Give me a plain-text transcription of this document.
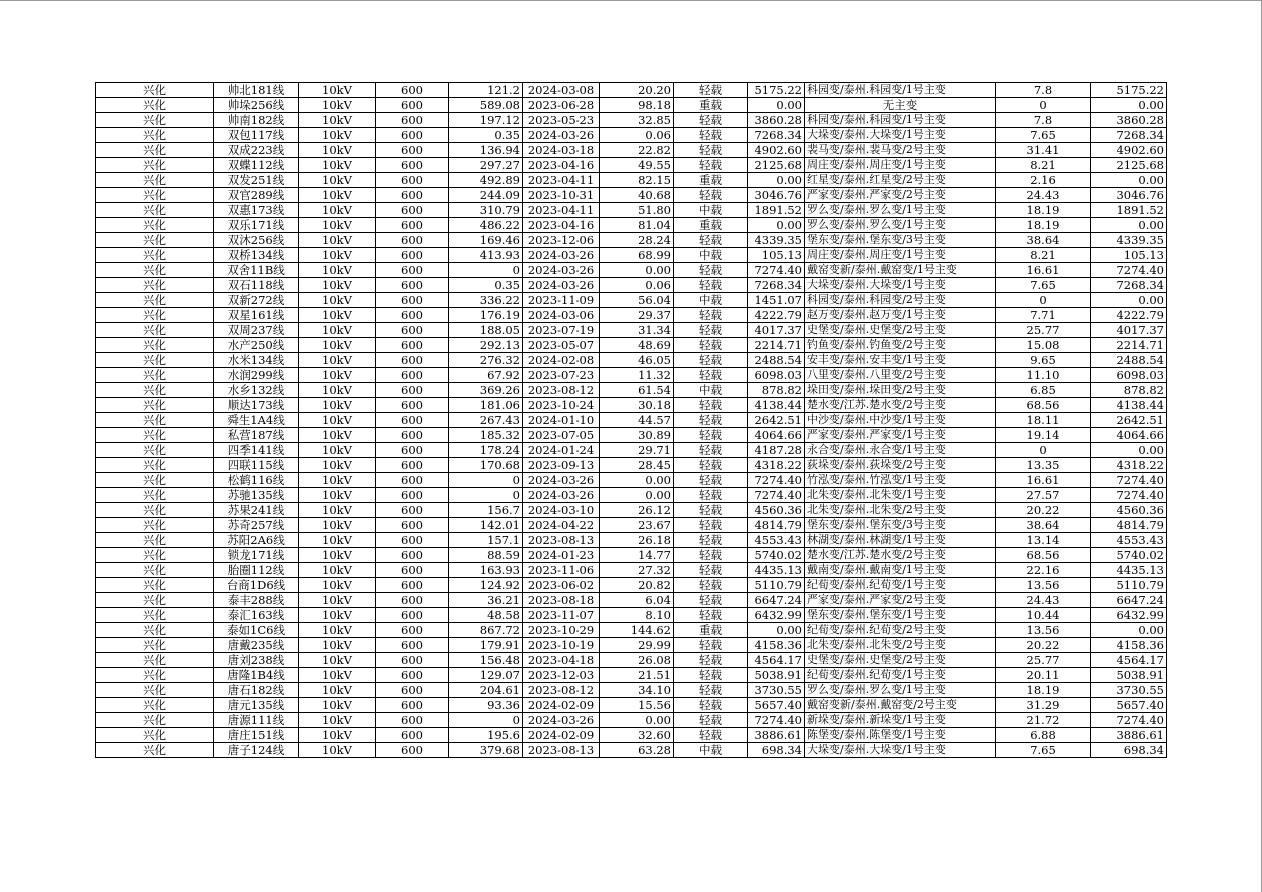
兴化	帅北181线	10kV	600	121.2	2024-03-08	20.20	轻载	5175.22	科园变/泰州.科园变/1号主变	7.8	5175.22
兴化	帅垛256线	10kV	600	589.08	2023-06-28	98.18	重载	0.00	无主变	0	0.00
兴化	帅南182线	10kV	600	197.12	2023-05-23	32.85	轻载	3860.28	科园变/泰州.科园变/1号主变	7.8	3860.28
兴化	双包117线	10kV	600	0.35	2024-03-26	0.06	轻载	7268.34	大垛变/泰州.大垛变/1号主变	7.65	7268.34
兴化	双成223线	10kV	600	136.94	2024-03-18	22.82	轻载	4902.60	裴马变/泰州.裴马变/2号主变	31.41	4902.60
兴化	双蝶112线	10kV	600	297.27	2023-04-16	49.55	轻载	2125.68	周庄变/泰州.周庄变/1号主变	8.21	2125.68
兴化	双发251线	10kV	600	492.89	2023-04-11	82.15	重载	0.00	红星变/泰州.红星变/2号主变	2.16	0.00
兴化	双官289线	10kV	600	244.09	2023-10-31	40.68	轻载	3046.76	严家变/泰州.严家变/2号主变	24.43	3046.76
兴化	双惠173线	10kV	600	310.79	2023-04-11	51.80	中载	1891.52	罗么变/泰州.罗么变/1号主变	18.19	1891.52
兴化	双乐171线	10kV	600	486.22	2023-04-16	81.04	重载	0.00	罗么变/泰州.罗么变/1号主变	18.19	0.00
兴化	双沐256线	10kV	600	169.46	2023-12-06	28.24	轻载	4339.35	堡东变/泰州.堡东变/3号主变	38.64	4339.35
兴化	双桥134线	10kV	600	413.93	2024-03-26	68.99	中载	105.13	周庄变/泰州.周庄变/1号主变	8.21	105.13
兴化	双舍11B线	10kV	600	0	2024-03-26	0.00	轻载	7274.40	戴窑变新/泰州.戴窑变/1号主变	16.61	7274.40
兴化	双石118线	10kV	600	0.35	2024-03-26	0.06	轻载	7268.34	大垛变/泰州.大垛变/1号主变	7.65	7268.34
兴化	双新272线	10kV	600	336.22	2023-11-09	56.04	中载	1451.07	科园变/泰州.科园变/2号主变	0	0.00
兴化	双星161线	10kV	600	176.19	2024-03-06	29.37	轻载	4222.79	赵万变/泰州.赵万变/1号主变	7.71	4222.79
兴化	双周237线	10kV	600	188.05	2023-07-19	31.34	轻载	4017.37	史堡变/泰州.史堡变/2号主变	25.77	4017.37
兴化	水产250线	10kV	600	292.13	2023-05-07	48.69	轻载	2214.71	钓鱼变/泰州.钓鱼变/2号主变	15.08	2214.71
兴化	水米134线	10kV	600	276.32	2024-02-08	46.05	轻载	2488.54	安丰变/泰州.安丰变/1号主变	9.65	2488.54
兴化	水润299线	10kV	600	67.92	2023-07-23	11.32	轻载	6098.03	八里变/泰州.八里变/2号主变	11.10	6098.03
兴化	水乡132线	10kV	600	369.26	2023-08-12	61.54	中载	878.82	垛田变/泰州.垛田变/2号主变	6.85	878.82
兴化	顺达173线	10kV	600	181.06	2023-10-24	30.18	轻载	4138.44	楚水变/江苏.楚水变/2号主变	68.56	4138.44
兴化	舜生1A4线	10kV	600	267.43	2024-01-10	44.57	轻载	2642.51	中沙变/泰州.中沙变/1号主变	18.11	2642.51
兴化	私营187线	10kV	600	185.32	2023-07-05	30.89	轻载	4064.66	严家变/泰州.严家变/1号主变	19.14	4064.66
兴化	四季141线	10kV	600	178.24	2024-01-24	29.71	轻载	4187.28	永合变/泰州.永合变/1号主变	0	0.00
兴化	四联115线	10kV	600	170.68	2023-09-13	28.45	轻载	4318.22	荻垛变/泰州.荻垛变/2号主变	13.35	4318.22
兴化	松鹤116线	10kV	600	0	2024-03-26	0.00	轻载	7274.40	竹泓变/泰州.竹泓变/1号主变	16.61	7274.40
兴化	苏驰135线	10kV	600	0	2024-03-26	0.00	轻载	7274.40	北朱变/泰州.北朱变/1号主变	27.57	7274.40
兴化	苏果241线	10kV	600	156.7	2024-03-10	26.12	轻载	4560.36	北朱变/泰州.北朱变/2号主变	20.22	4560.36
兴化	苏奇257线	10kV	600	142.01	2024-04-22	23.67	轻载	4814.79	堡东变/泰州.堡东变/3号主变	38.64	4814.79
兴化	苏阳2A6线	10kV	600	157.1	2023-08-13	26.18	轻载	4553.43	林湖变/泰州.林湖变/1号主变	13.14	4553.43
兴化	锁龙171线	10kV	600	88.59	2024-01-23	14.77	轻载	5740.02	楚水变/江苏.楚水变/2号主变	68.56	5740.02
兴化	胎圈112线	10kV	600	163.93	2023-11-06	27.32	轻载	4435.13	戴南变/泰州.戴南变/1号主变	22.16	4435.13
兴化	台商1D6线	10kV	600	124.92	2023-06-02	20.82	轻载	5110.79	纪荀变/泰州.纪荀变/1号主变	13.56	5110.79
兴化	泰丰288线	10kV	600	36.21	2023-08-18	6.04	轻载	6647.24	严家变/泰州.严家变/2号主变	24.43	6647.24
兴化	泰汇163线	10kV	600	48.58	2023-11-07	8.10	轻载	6432.99	堡东变/泰州.堡东变/1号主变	10.44	6432.99
兴化	泰如1C6线	10kV	600	867.72	2023-10-29	144.62	重载	0.00	纪荀变/泰州.纪荀变/2号主变	13.56	0.00
兴化	唐戴235线	10kV	600	179.91	2023-10-19	29.99	轻载	4158.36	北朱变/泰州.北朱变/2号主变	20.22	4158.36
兴化	唐刘238线	10kV	600	156.48	2023-04-18	26.08	轻载	4564.17	史堡变/泰州.史堡变/2号主变	25.77	4564.17
兴化	唐隆1B4线	10kV	600	129.07	2023-12-03	21.51	轻载	5038.91	纪荀变/泰州.纪荀变/1号主变	20.11	5038.91
兴化	唐石182线	10kV	600	204.61	2023-08-12	34.10	轻载	3730.55	罗么变/泰州.罗么变/1号主变	18.19	3730.55
兴化	唐元135线	10kV	600	93.36	2024-02-09	15.56	轻载	5657.40	戴窑变新/泰州.戴窑变/2号主变	31.29	5657.40
兴化	唐源111线	10kV	600	0	2024-03-26	0.00	轻载	7274.40	新垛变/泰州.新垛变/1号主变	21.72	7274.40
兴化	唐庄151线	10kV	600	195.6	2024-02-09	32.60	轻载	3886.61	陈堡变/泰州.陈堡变/1号主变	6.88	3886.61
兴化	唐子124线	10kV	600	379.68	2023-08-13	63.28	中载	698.34	大垛变/泰州.大垛变/1号主变	7.65	698.34
